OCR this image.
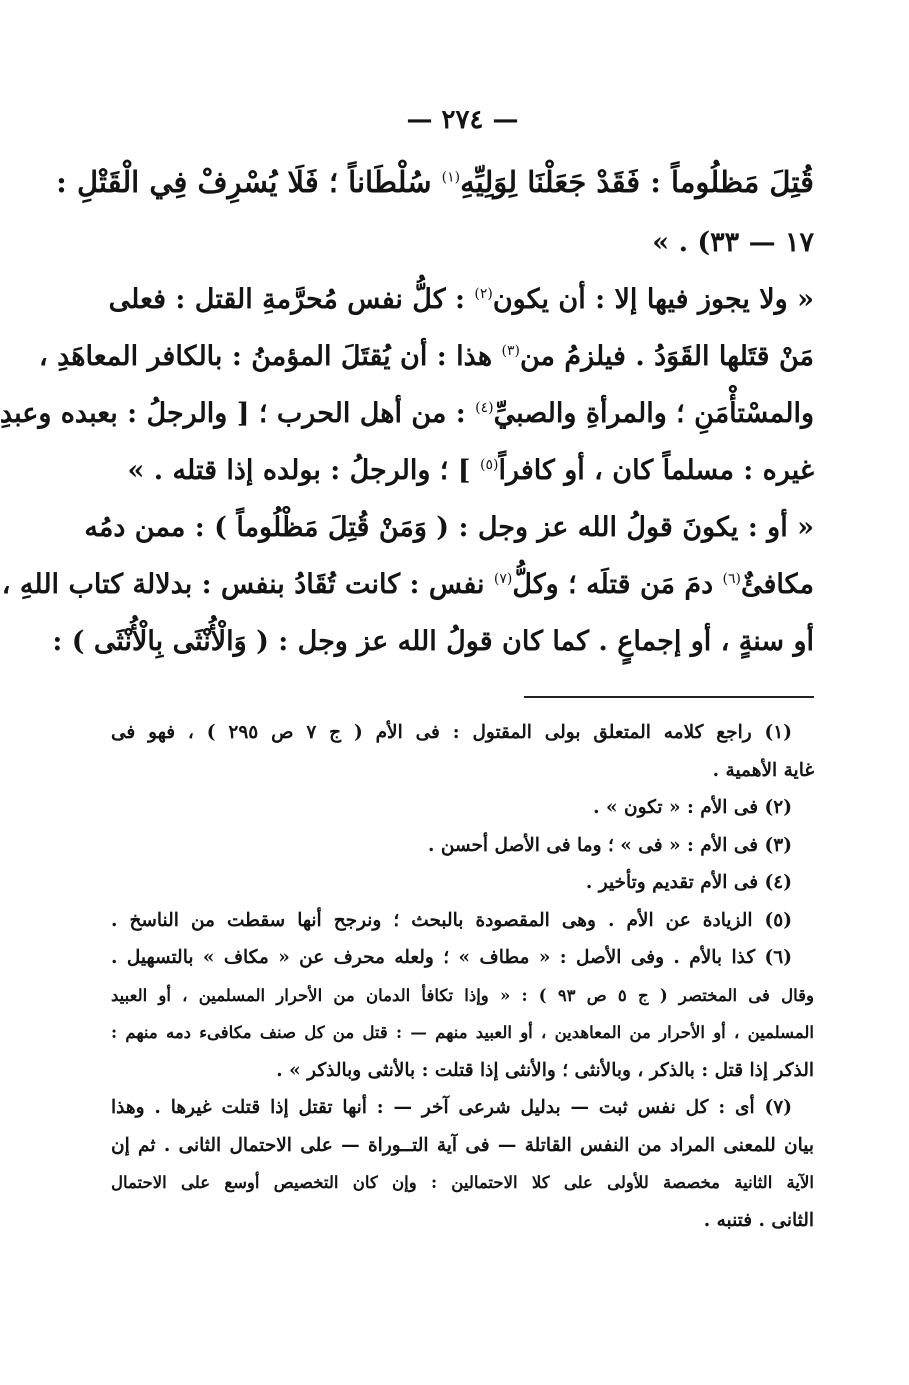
— ٢٧٤ —
قُتِلَ مَظلُوماً : فَقَدْ جَعَلْنَا لِوَلِيِّهِ$^{(١)}$ سُلْطَاناً ؛ فَلَا يُسْرِفْ فِي الْقَتْلِ :
١٧ — ٣٣) . »
« ولا يجوز فيها إلا : أن يكون$^{(٢)}$ : كلُّ نفس مُحرَّمةِ القتل : فعلى
مَنْ قتَلها القَوَدُ . فيلزمُ من$^{(٣)}$ هذا : أن يُقتَلَ المؤمنُ : بالكافر المعاهَدِ ،
والمسْتأْمَنِ ؛ والمرأةِ والصبيِّ$^{(٤)}$ : من أهل الحرب ؛ [ والرجلُ : بعبده وعبدِ
غيره : مسلماً كان ، أو كافراً$^{(٥)}$ ] ؛ والرجلُ : بولده إذا قتله . »
« أو : يكونَ قولُ الله عز وجل : ( وَمَنْ قُتِلَ مَظْلُوماً ) : ممن دمُه
مكافئٌ$^{(٦)}$ دمَ مَن قتلَه ؛ وكلُّ$^{(٧)}$ نفس : كانت تُقَادُ بنفس : بدلالة كتاب اللهِ ،
أو سنةٍ ، أو إجماعٍ . كما كان قولُ الله عز وجل : ( وَالْأُنْثَى بِالْأُنْثَى ) :
(١) راجع كلامه المتعلق بولى المقتول : فى الأم ( ج ٧ ص ٢٩٥ ) ، فهو فى
غاية الأهمية .
(٢) فى الأم : « تكون » .
(٣) فى الأم : « فى » ؛ وما فى الأصل أحسن .
(٤) فى الأم تقديم وتأخير .
(٥) الزيادة عن الأم . وهى المقصودة بالبحث ؛ ونرجح أنها سقطت من الناسخ .
(٦) كذا بالأم . وفى الأصل : « مطاف » ؛ ولعله محرف عن « مكاف » بالتسهيل .
وقال فى المختصر ( ج ٥ ص ٩٣ ) : « وإذا تكافأ الدمان من الأحرار المسلمين ، أو العبيد
المسلمين ، أو الأحرار من المعاهدين ، أو العبيد منهم — : قتل من كل صنف مكافىء دمه منهم :
الذكر إذا قتل : بالذكر ، وبالأنثى ؛ والأنثى إذا قتلت : بالأنثى وبالذكر » .
(٧) أى : كل نفس ثبت — بدليل شرعى آخر — : أنها تقتل إذا قتلت غيرها . وهذا
بيان للمعنى المراد من النفس القاتلة — فى آية التــوراة — على الاحتمال الثانى . ثم إن
الآية الثانية مخصصة للأولى على كلا الاحتمالين : وإن كان التخصيص أوسع على الاحتمال
الثانى . فتنبه .
